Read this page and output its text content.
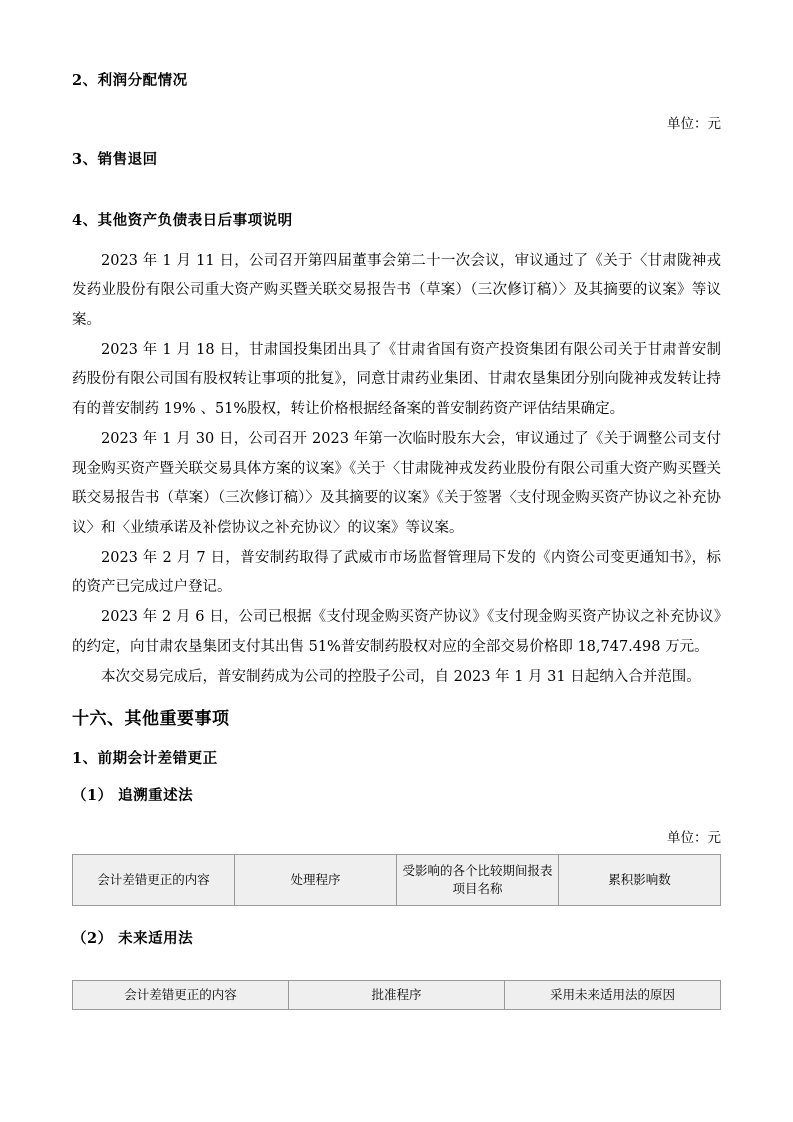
2、利润分配情况
单位：元
3、销售退回
4、其他资产负债表日后事项说明

2023 年 1 月 11 日，公司召开第四届董事会第二十一次会议，审议通过了《关于〈甘肃陇神戎发药业股份有限公司重大资产购买暨关联交易报告书（草案）（三次修订稿）〉及其摘要的议案》等议案。

2023 年 1 月 18 日，甘肃国投集团出具了《甘肃省国有资产投资集团有限公司关于甘肃普安制药股份有限公司国有股权转让事项的批复》，同意甘肃药业集团、甘肃农垦集团分别向陇神戎发转让持有的普安制药 19% 、51%股权，转让价格根据经备案的普安制药资产评估结果确定。

2023 年 1 月 30 日，公司召开 2023 年第一次临时股东大会，审议通过了《关于调整公司支付现金购买资产暨关联交易具体方案的议案》《关于〈甘肃陇神戎发药业股份有限公司重大资产购买暨关联交易报告书（草案）（三次修订稿）〉及其摘要的议案》《关于签署〈支付现金购买资产协议之补充协议〉和〈业绩承诺及补偿协议之补充协议〉的议案》等议案。

2023 年 2 月 7 日，普安制药取得了武威市市场监督管理局下发的《内资公司变更通知书》，标的资产已完成过户登记。

2023 年 2 月 6 日，公司已根据《支付现金购买资产协议》《支付现金购买资产协议之补充协议》的约定，向甘肃农垦集团支付其出售 51%普安制药股权对应的全部交易价格即 18,747.498 万元。

本次交易完成后，普安制药成为公司的控股子公司，自 2023 年 1 月 31 日起纳入合并范围。

十六、其他重要事项
1、前期会计差错更正
（1） 追溯重述法
单位：元
会计差错更正的内容	处理程序	受影响的各个比较期间报表项目名称	累积影响数
（2） 未来适用法
会计差错更正的内容	批准程序	采用未来适用法的原因
